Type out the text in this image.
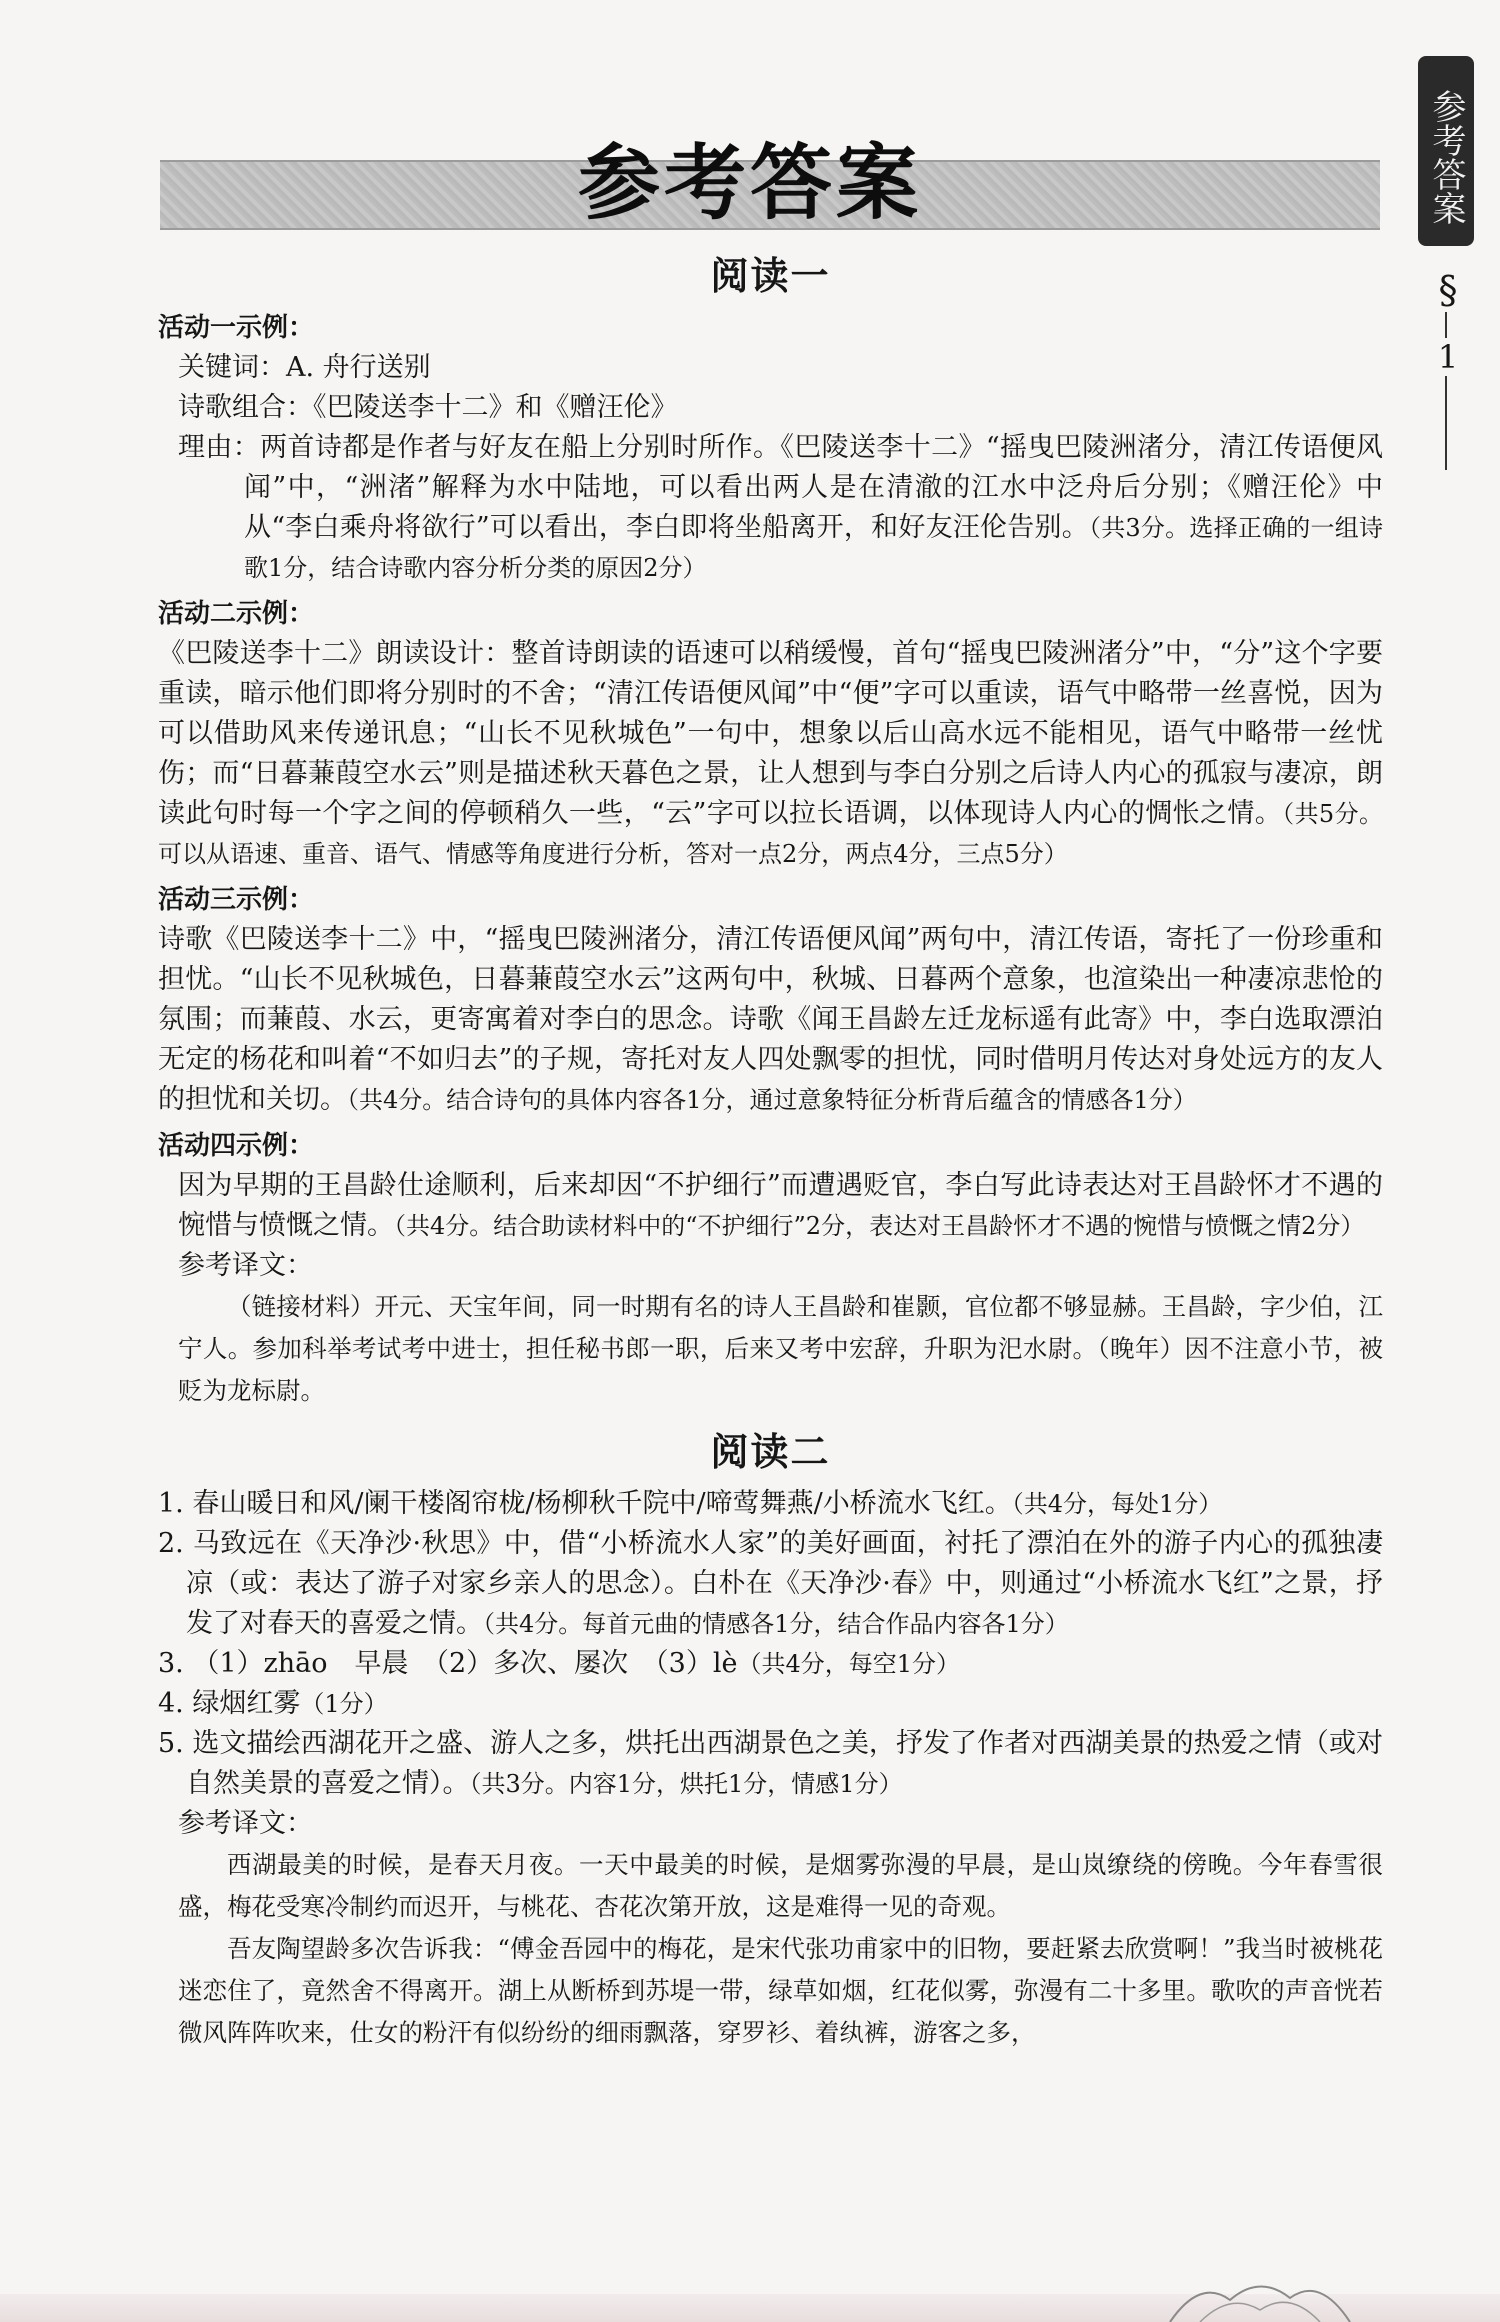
参考答案	参考答案
§
1
阅读一
活动一示例：
关键词：A. 舟行送别
诗歌组合：《巴陵送李十二》和《赠汪伦》
理由：两首诗都是作者与好友在船上分别时所作。《巴陵送李十二》“摇曳巴陵洲渚分，清江传语便风闻”中，“洲渚”解释为水中陆地，可以看出两人是在清澈的江水中泛舟后分别；《赠汪伦》中从“李白乘舟将欲行”可以看出，李白即将坐船离开，和好友汪伦告别。（共3分。选择正确的一组诗歌1分，结合诗歌内容分析分类的原因2分）
活动二示例：
《巴陵送李十二》朗读设计：整首诗朗读的语速可以稍缓慢，首句“摇曳巴陵洲渚分”中，“分”这个字要重读，暗示他们即将分别时的不舍；“清江传语便风闻”中“便”字可以重读，语气中略带一丝喜悦，因为可以借助风来传递讯息；“山长不见秋城色”一句中，想象以后山高水远不能相见，语气中略带一丝忧伤；而“日暮蒹葭空水云”则是描述秋天暮色之景，让人想到与李白分别之后诗人内心的孤寂与凄凉，朗读此句时每一个字之间的停顿稍久一些，“云”字可以拉长语调，以体现诗人内心的惆怅之情。（共5分。可以从语速、重音、语气、情感等角度进行分析，答对一点2分，两点4分，三点5分）
活动三示例：
诗歌《巴陵送李十二》中，“摇曳巴陵洲渚分，清江传语便风闻”两句中，清江传语，寄托了一份珍重和担忧。“山长不见秋城色，日暮蒹葭空水云”这两句中，秋城、日暮两个意象，也渲染出一种凄凉悲怆的氛围；而蒹葭、水云，更寄寓着对李白的思念。诗歌《闻王昌龄左迁龙标遥有此寄》中，李白选取漂泊无定的杨花和叫着“不如归去”的子规，寄托对友人四处飘零的担忧，同时借明月传达对身处远方的友人的担忧和关切。（共4分。结合诗句的具体内容各1分，通过意象特征分析背后蕴含的情感各1分）
活动四示例：
因为早期的王昌龄仕途顺利，后来却因“不护细行”而遭遇贬官，李白写此诗表达对王昌龄怀才不遇的惋惜与愤慨之情。（共4分。结合助读材料中的“不护细行”2分，表达对王昌龄怀才不遇的惋惜与愤慨之情2分）
参考译文：
（链接材料）开元、天宝年间，同一时期有名的诗人王昌龄和崔颢，官位都不够显赫。王昌龄，字少伯，江宁人。参加科举考试考中进士，担任秘书郎一职，后来又考中宏辞，升职为汜水尉。（晚年）因不注意小节，被贬为龙标尉。
阅读二
1. 春山暖日和风/阑干楼阁帘栊/杨柳秋千院中/啼莺舞燕/小桥流水飞红。（共4分，每处1分）
2. 马致远在《天净沙·秋思》中，借“小桥流水人家”的美好画面，衬托了漂泊在外的游子内心的孤独凄凉（或：表达了游子对家乡亲人的思念）。白朴在《天净沙·春》中，则通过“小桥流水飞红”之景，抒发了对春天的喜爱之情。（共4分。每首元曲的情感各1分，结合作品内容各1分）
3. （1）zhāo　早晨　（2）多次、屡次　（3）lè（共4分，每空1分）
4. 绿烟红雾（1分）
5. 选文描绘西湖花开之盛、游人之多，烘托出西湖景色之美，抒发了作者对西湖美景的热爱之情（或对自然美景的喜爱之情）。（共3分。内容1分，烘托1分，情感1分）
参考译文：
西湖最美的时候，是春天月夜。一天中最美的时候，是烟雾弥漫的早晨，是山岚缭绕的傍晚。今年春雪很盛，梅花受寒冷制约而迟开，与桃花、杏花次第开放，这是难得一见的奇观。
吾友陶望龄多次告诉我：“傅金吾园中的梅花，是宋代张功甫家中的旧物，要赶紧去欣赏啊！”我当时被桃花迷恋住了，竟然舍不得离开。湖上从断桥到苏堤一带，绿草如烟，红花似雾，弥漫有二十多里。歌吹的声音恍若微风阵阵吹来，仕女的粉汗有似纷纷的细雨飘落，穿罗衫、着纨裤，游客之多，
